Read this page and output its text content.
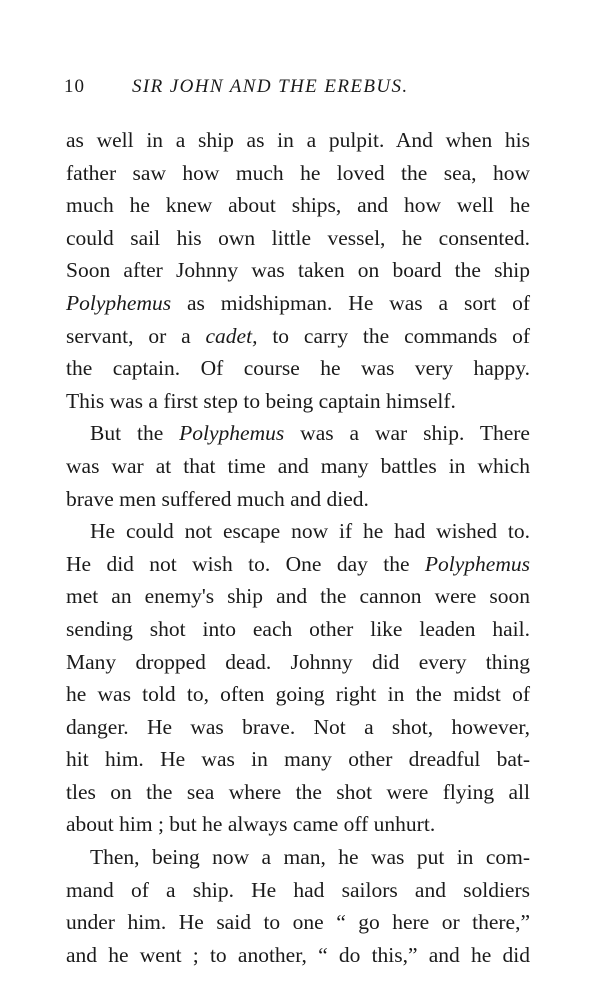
10 SIR JOHN AND THE EREBUS.
as well in a ship as in a pulpit. And when his
father saw how much he loved the sea, how
much he knew about ships, and how well he
could sail his own little vessel, he consented.
Soon after Johnny was taken on board the ship
Polyphemus as midshipman. He was a sort of
servant, or a cadet, to carry the commands of
the captain. Of course he was very happy.
This was a first step to being captain himself.
But the Polyphemus was a war ship. There
was war at that time and many battles in which
brave men suffered much and died.
He could not escape now if he had wished to.
He did not wish to. One day the Polyphemus
met an enemy's ship and the cannon were soon
sending shot into each other like leaden hail.
Many dropped dead. Johnny did every thing
he was told to, often going right in the midst of
danger. He was brave. Not a shot, however,
hit him. He was in many other dreadful bat-
tles on the sea where the shot were flying all
about him ; but he always came off unhurt.
Then, being now a man, he was put in com-
mand of a ship. He had sailors and soldiers
under him. He said to one “ go here or there,”
and he went ; to another, “ do this,” and he did
